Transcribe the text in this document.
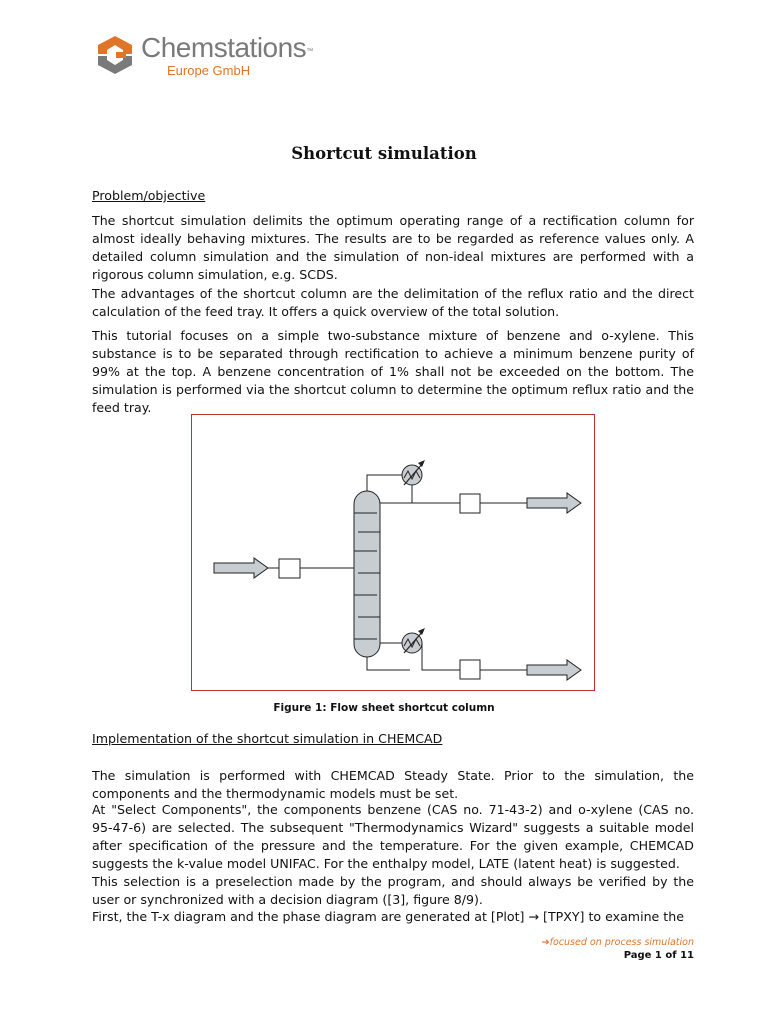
Chemstations™
Europe GmbH
Shortcut simulation
Problem/objective
The shortcut simulation delimits the optimum operating range of a rectification column for almost ideally behaving mixtures. The results are to be regarded as reference values only. A detailed column simulation and the simulation of non-ideal mixtures are performed with a rigorous column simulation, e.g. SCDS.
The advantages of the shortcut column are the delimitation of the reflux ratio and the direct calculation of the feed tray. It offers a quick overview of the total solution.
This tutorial focuses on a simple two-substance mixture of benzene and o-xylene. This substance is to be separated through rectification to achieve a minimum benzene purity of 99% at the top. A benzene concentration of 1% shall not be exceeded on the bottom. The simulation is performed via the shortcut column to determine the optimum reflux ratio and the feed tray.
Figure 1: Flow sheet shortcut column
Implementation of the shortcut simulation in CHEMCAD
The simulation is performed with CHEMCAD Steady State. Prior to the simulation, the components and the thermodynamic models must be set.
At "Select Components", the components benzene (CAS no. 71-43-2) and o-xylene (CAS no. 95-47-6) are selected. The subsequent "Thermodynamics Wizard" suggests a suitable model after specification of the pressure and the temperature. For the given example, CHEMCAD suggests the k-value model UNIFAC. For the enthalpy model, LATE (latent heat) is suggested.
This selection is a preselection made by the program, and should always be verified by the user or synchronized with a decision diagram ([3], figure 8/9).
First, the T-x diagram and the phase diagram are generated at [Plot] → [TPXY] to examine the
➔focused on process simulation
Page 1 of 11
